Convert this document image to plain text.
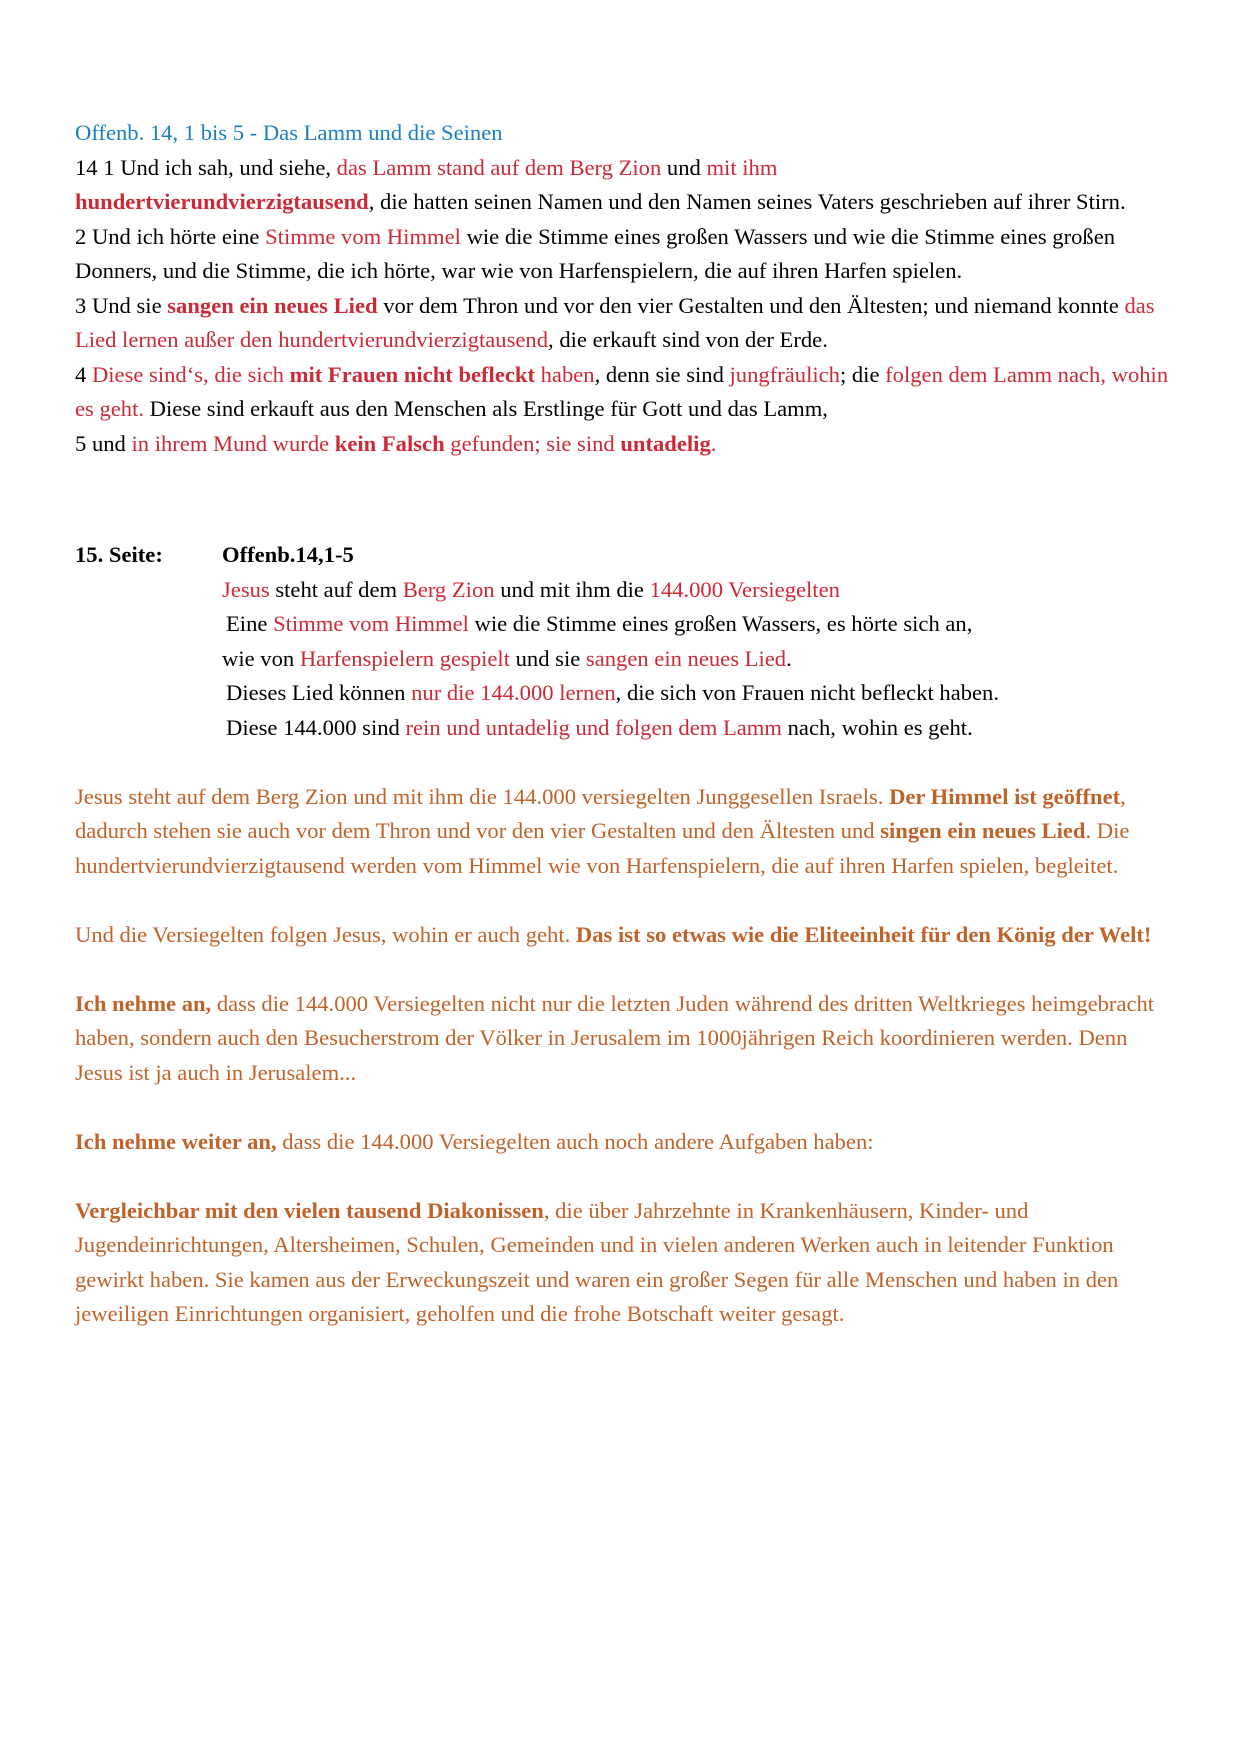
Offenb. 14, 1 bis 5 - Das Lamm und die Seinen

14 1 Und ich sah, und siehe, das Lamm stand auf dem Berg Zion und mit ihm
hundertvierundvierzigtausend, die hatten seinen Namen und den Namen seines Vaters geschrieben auf ihrer Stirn.

2 Und ich hörte eine Stimme vom Himmel wie die Stimme eines großen Wassers und wie die Stimme eines großen Donners, und die Stimme, die ich hörte, war wie von Harfenspielern, die auf ihren Harfen spielen.

3 Und sie sangen ein neues Lied vor dem Thron und vor den vier Gestalten und den Ältesten; und niemand konnte das Lied lernen außer den hundertvierundvierzigtausend, die erkauft sind von der Erde.

4 Diese sind‘s, die sich mit Frauen nicht befleckt haben, denn sie sind jungfräulich; die folgen dem Lamm nach, wohin es geht. Diese sind erkauft aus den Menschen als Erstlinge für Gott und das Lamm,

5 und in ihrem Mund wurde kein Falsch gefunden; sie sind untadelig.

15. Seite:	Offenb.14,1-5

Jesus steht auf dem Berg Zion und mit ihm die 144.000 Versiegelten

Eine Stimme vom Himmel wie die Stimme eines großen Wassers, es hörte sich an,

wie von Harfenspielern gespielt und sie sangen ein neues Lied.

Dieses Lied können nur die 144.000 lernen, die sich von Frauen nicht befleckt haben.

Diese 144.000 sind rein und untadelig und folgen dem Lamm nach, wohin es geht.

Jesus steht auf dem Berg Zion und mit ihm die 144.000 versiegelten Junggesellen Israels. Der Himmel ist geöffnet, dadurch stehen sie auch vor dem Thron und vor den vier Gestalten und den Ältesten und singen ein neues Lied. Die hundertvierundvierzigtausend werden vom Himmel wie von Harfenspielern, die auf ihren Harfen spielen, begleitet.

Und die Versiegelten folgen Jesus, wohin er auch geht. Das ist so etwas wie die Eliteeinheit für den König der Welt!

Ich nehme an, dass die 144.000 Versiegelten nicht nur die letzten Juden während des dritten Weltkrieges heimgebracht haben, sondern auch den Besucherstrom der Völker in Jerusalem im 1000jährigen Reich koordinieren werden. Denn Jesus ist ja auch in Jerusalem...

Ich nehme weiter an, dass die 144.000 Versiegelten auch noch andere Aufgaben haben:

Vergleichbar mit den vielen tausend Diakonissen, die über Jahrzehnte in Krankenhäusern, Kinder- und Jugendeinrichtungen, Altersheimen, Schulen, Gemeinden und in vielen anderen Werken auch in leitender Funktion gewirkt haben. Sie kamen aus der Erweckungszeit und waren ein großer Segen für alle Menschen und haben in den jeweiligen Einrichtungen organisiert, geholfen und die frohe Botschaft weiter gesagt.
